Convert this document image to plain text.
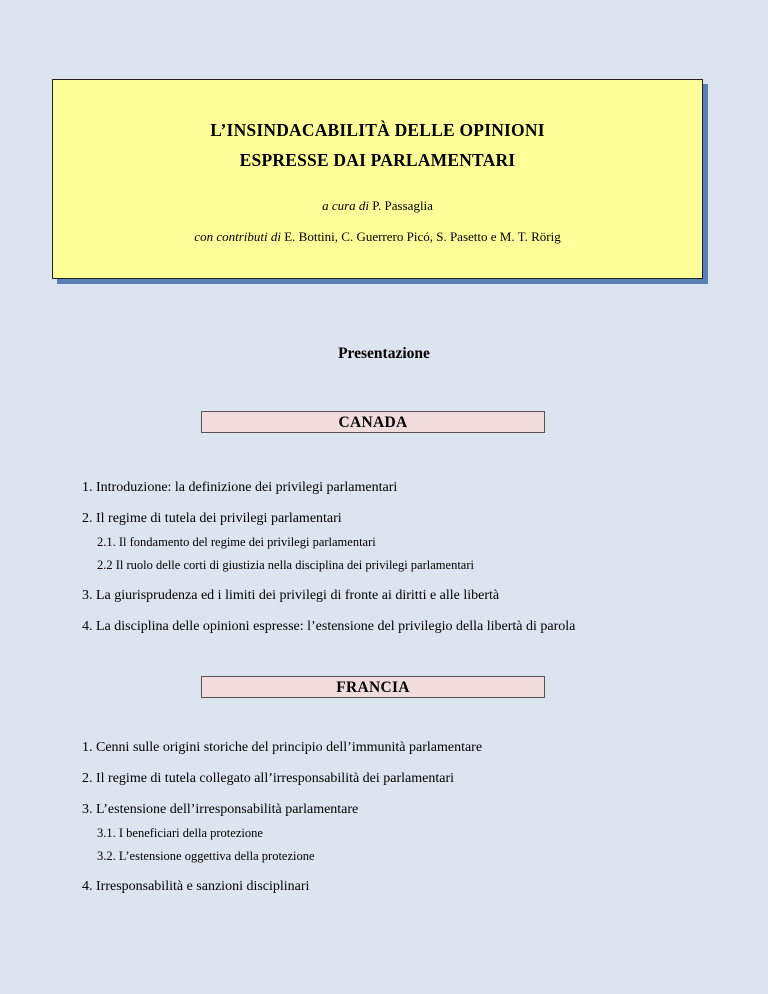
L’INSINDACABILITÀ DELLE OPINIONI
ESPRESSE DAI PARLAMENTARI
a cura di P. Passaglia
con contributi di E. Bottini, C. Guerrero Picó, S. Pasetto e M. T. Rörig
Presentazione
CANADA
1. Introduzione: la definizione dei privilegi parlamentari
2. Il regime di tutela dei privilegi parlamentari
2.1. Il fondamento del regime dei privilegi parlamentari
2.2 Il ruolo delle corti di giustizia nella disciplina dei privilegi parlamentari
3. La giurisprudenza ed i limiti dei privilegi di fronte ai diritti e alle libertà
4. La disciplina delle opinioni espresse: l’estensione del privilegio della libertà di parola
FRANCIA
1. Cenni sulle origini storiche del principio dell’immunità parlamentare
2. Il regime di tutela collegato all’irresponsabilità dei parlamentari
3. L’estensione dell’irresponsabilità parlamentare
3.1. I beneficiari della protezione
3.2. L’estensione oggettiva della protezione
4. Irresponsabilità e sanzioni disciplinari
